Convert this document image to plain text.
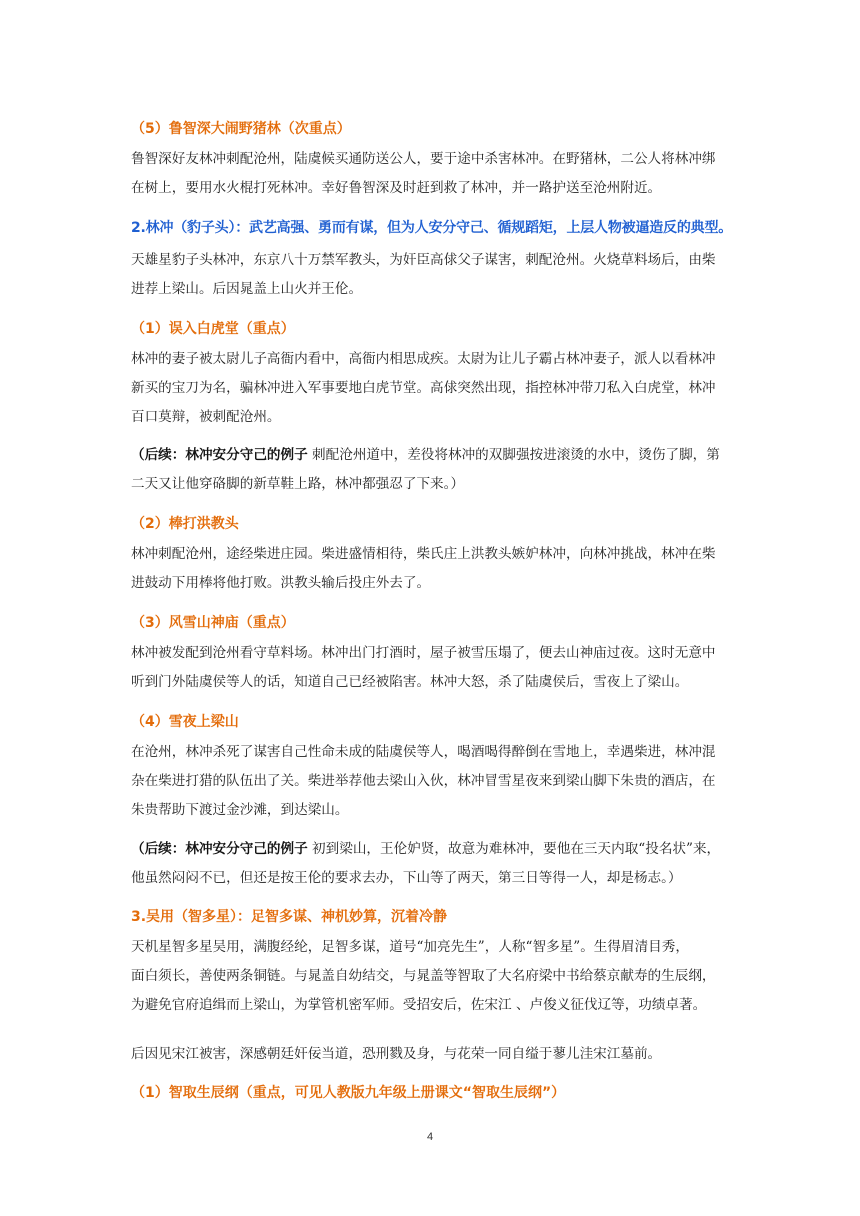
（5）鲁智深大闹野猪林（次重点）
鲁智深好友林冲刺配沧州，陆虞候买通防送公人，要于途中杀害林冲。在野猪林，二公人将林冲绑
在树上，要用水火棍打死林冲。幸好鲁智深及时赶到救了林冲，并一路护送至沧州附近。
2.林冲（豹子头）：武艺高强、勇而有谋，但为人安分守己、循规蹈矩，上层人物被逼造反的典型。
天雄星豹子头林冲，东京八十万禁军教头，为奸臣高俅父子谋害，刺配沧州。火烧草料场后，由柴
进荐上梁山。后因晁盖上山火并王伦。
（1）误入白虎堂（重点）
林冲的妻子被太尉儿子高衙内看中，高衙内相思成疾。太尉为让儿子霸占林冲妻子，派人以看林冲
新买的宝刀为名，骗林冲进入军事要地白虎节堂。高俅突然出现，指控林冲带刀私入白虎堂，林冲
百口莫辩，被刺配沧州。
（后续：林冲安分守己的例子 刺配沧州道中，差役将林冲的双脚强按进滚烫的水中，烫伤了脚，第
二天又让他穿硌脚的新草鞋上路，林冲都强忍了下来。）
（2）棒打洪教头
林冲刺配沧州，途经柴进庄园。柴进盛情相待，柴氏庄上洪教头嫉妒林冲，向林冲挑战，林冲在柴
进鼓动下用棒将他打败。洪教头输后投庄外去了。
（3）风雪山神庙（重点）
林冲被发配到沧州看守草料场。林冲出门打酒时，屋子被雪压塌了，便去山神庙过夜。这时无意中
听到门外陆虞侯等人的话，知道自己已经被陷害。林冲大怒，杀了陆虞侯后，雪夜上了梁山。
（4）雪夜上梁山
在沧州，林冲杀死了谋害自己性命未成的陆虞侯等人，喝酒喝得醉倒在雪地上，幸遇柴进，林冲混
杂在柴进打猎的队伍出了关。柴进举荐他去梁山入伙，林冲冒雪星夜来到梁山脚下朱贵的酒店，在
朱贵帮助下渡过金沙滩，到达梁山。
（后续：林冲安分守己的例子 初到梁山，王伦妒贤，故意为难林冲，要他在三天内取“投名状”来，
他虽然闷闷不已，但还是按王伦的要求去办，下山等了两天，第三日等得一人，却是杨志。）
3.吴用（智多星）：足智多谋、神机妙算，沉着冷静
天机星智多星吴用，满腹经纶，足智多谋，道号“加亮先生”，人称“智多星”。生得眉清目秀，
面白须长，善使两条铜链。与晁盖自幼结交，与晁盖等智取了大名府梁中书给蔡京献寿的生辰纲，
为避免官府追缉而上梁山，为掌管机密军师。受招安后，佐宋江 、卢俊义征伐辽等，功绩卓著。
后因见宋江被害，深感朝廷奸佞当道，恐刑戮及身，与花荣一同自缢于蓼儿洼宋江墓前。
（1）智取生辰纲（重点，可见人教版九年级上册课文“智取生辰纲”）
4
